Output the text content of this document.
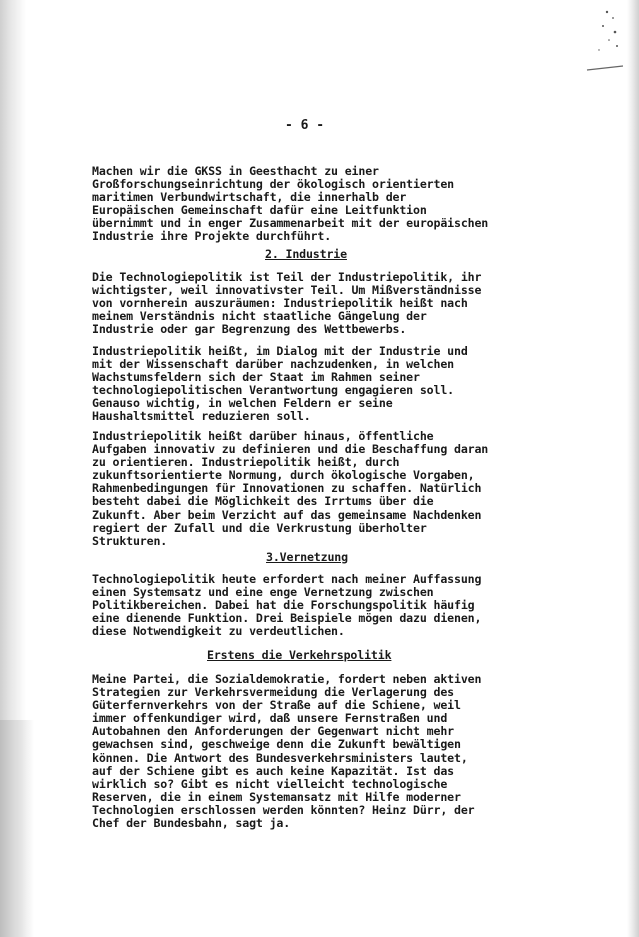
- 6 -
Machen wir die GKSS in Geesthacht zu einer
Großforschungseinrichtung der ökologisch orientierten
maritimen Verbundwirtschaft, die innerhalb der
Europäischen Gemeinschaft dafür eine Leitfunktion
übernimmt und in enger Zusammenarbeit mit der europäischen
Industrie ihre Projekte durchführt.
2. Industrie
Die Technologiepolitik ist Teil der Industriepolitik, ihr
wichtigster, weil innovativster Teil. Um Mißverständnisse
von vornherein auszuräumen: Industriepolitik heißt nach
meinem Verständnis nicht staatliche Gängelung der
Industrie oder gar Begrenzung des Wettbewerbs.
Industriepolitik heißt, im Dialog mit der Industrie und
mit der Wissenschaft darüber nachzudenken, in welchen
Wachstumsfeldern sich der Staat im Rahmen seiner
technologiepolitischen Verantwortung engagieren soll.
Genauso wichtig, in welchen Feldern er seine
Haushaltsmittel reduzieren soll.
Industriepolitik heißt darüber hinaus, öffentliche
Aufgaben innovativ zu definieren und die Beschaffung daran
zu orientieren. Industriepolitik heißt, durch
zukunftsorientierte Normung, durch ökologische Vorgaben,
Rahmenbedingungen für Innovationen zu schaffen. Natürlich
besteht dabei die Möglichkeit des Irrtums über die
Zukunft. Aber beim Verzicht auf das gemeinsame Nachdenken
regiert der Zufall und die Verkrustung überholter
Strukturen.
3.Vernetzung
Technologiepolitik heute erfordert nach meiner Auffassung
einen Systemsatz und eine enge Vernetzung zwischen
Politikbereichen. Dabei hat die Forschungspolitik häufig
eine dienende Funktion. Drei Beispiele mögen dazu dienen,
diese Notwendigkeit zu verdeutlichen.
Erstens die Verkehrspolitik
Meine Partei, die Sozialdemokratie, fordert neben aktiven
Strategien zur Verkehrsvermeidung die Verlagerung des
Güterfernverkehrs von der Straße auf die Schiene, weil
immer offenkundiger wird, daß unsere Fernstraßen und
Autobahnen den Anforderungen der Gegenwart nicht mehr
gewachsen sind, geschweige denn die Zukunft bewältigen
können. Die Antwort des Bundesverkehrsministers lautet,
auf der Schiene gibt es auch keine Kapazität. Ist das
wirklich so? Gibt es nicht vielleicht technologische
Reserven, die in einem Systemansatz mit Hilfe moderner
Technologien erschlossen werden könnten? Heinz Dürr, der
Chef der Bundesbahn, sagt ja.
